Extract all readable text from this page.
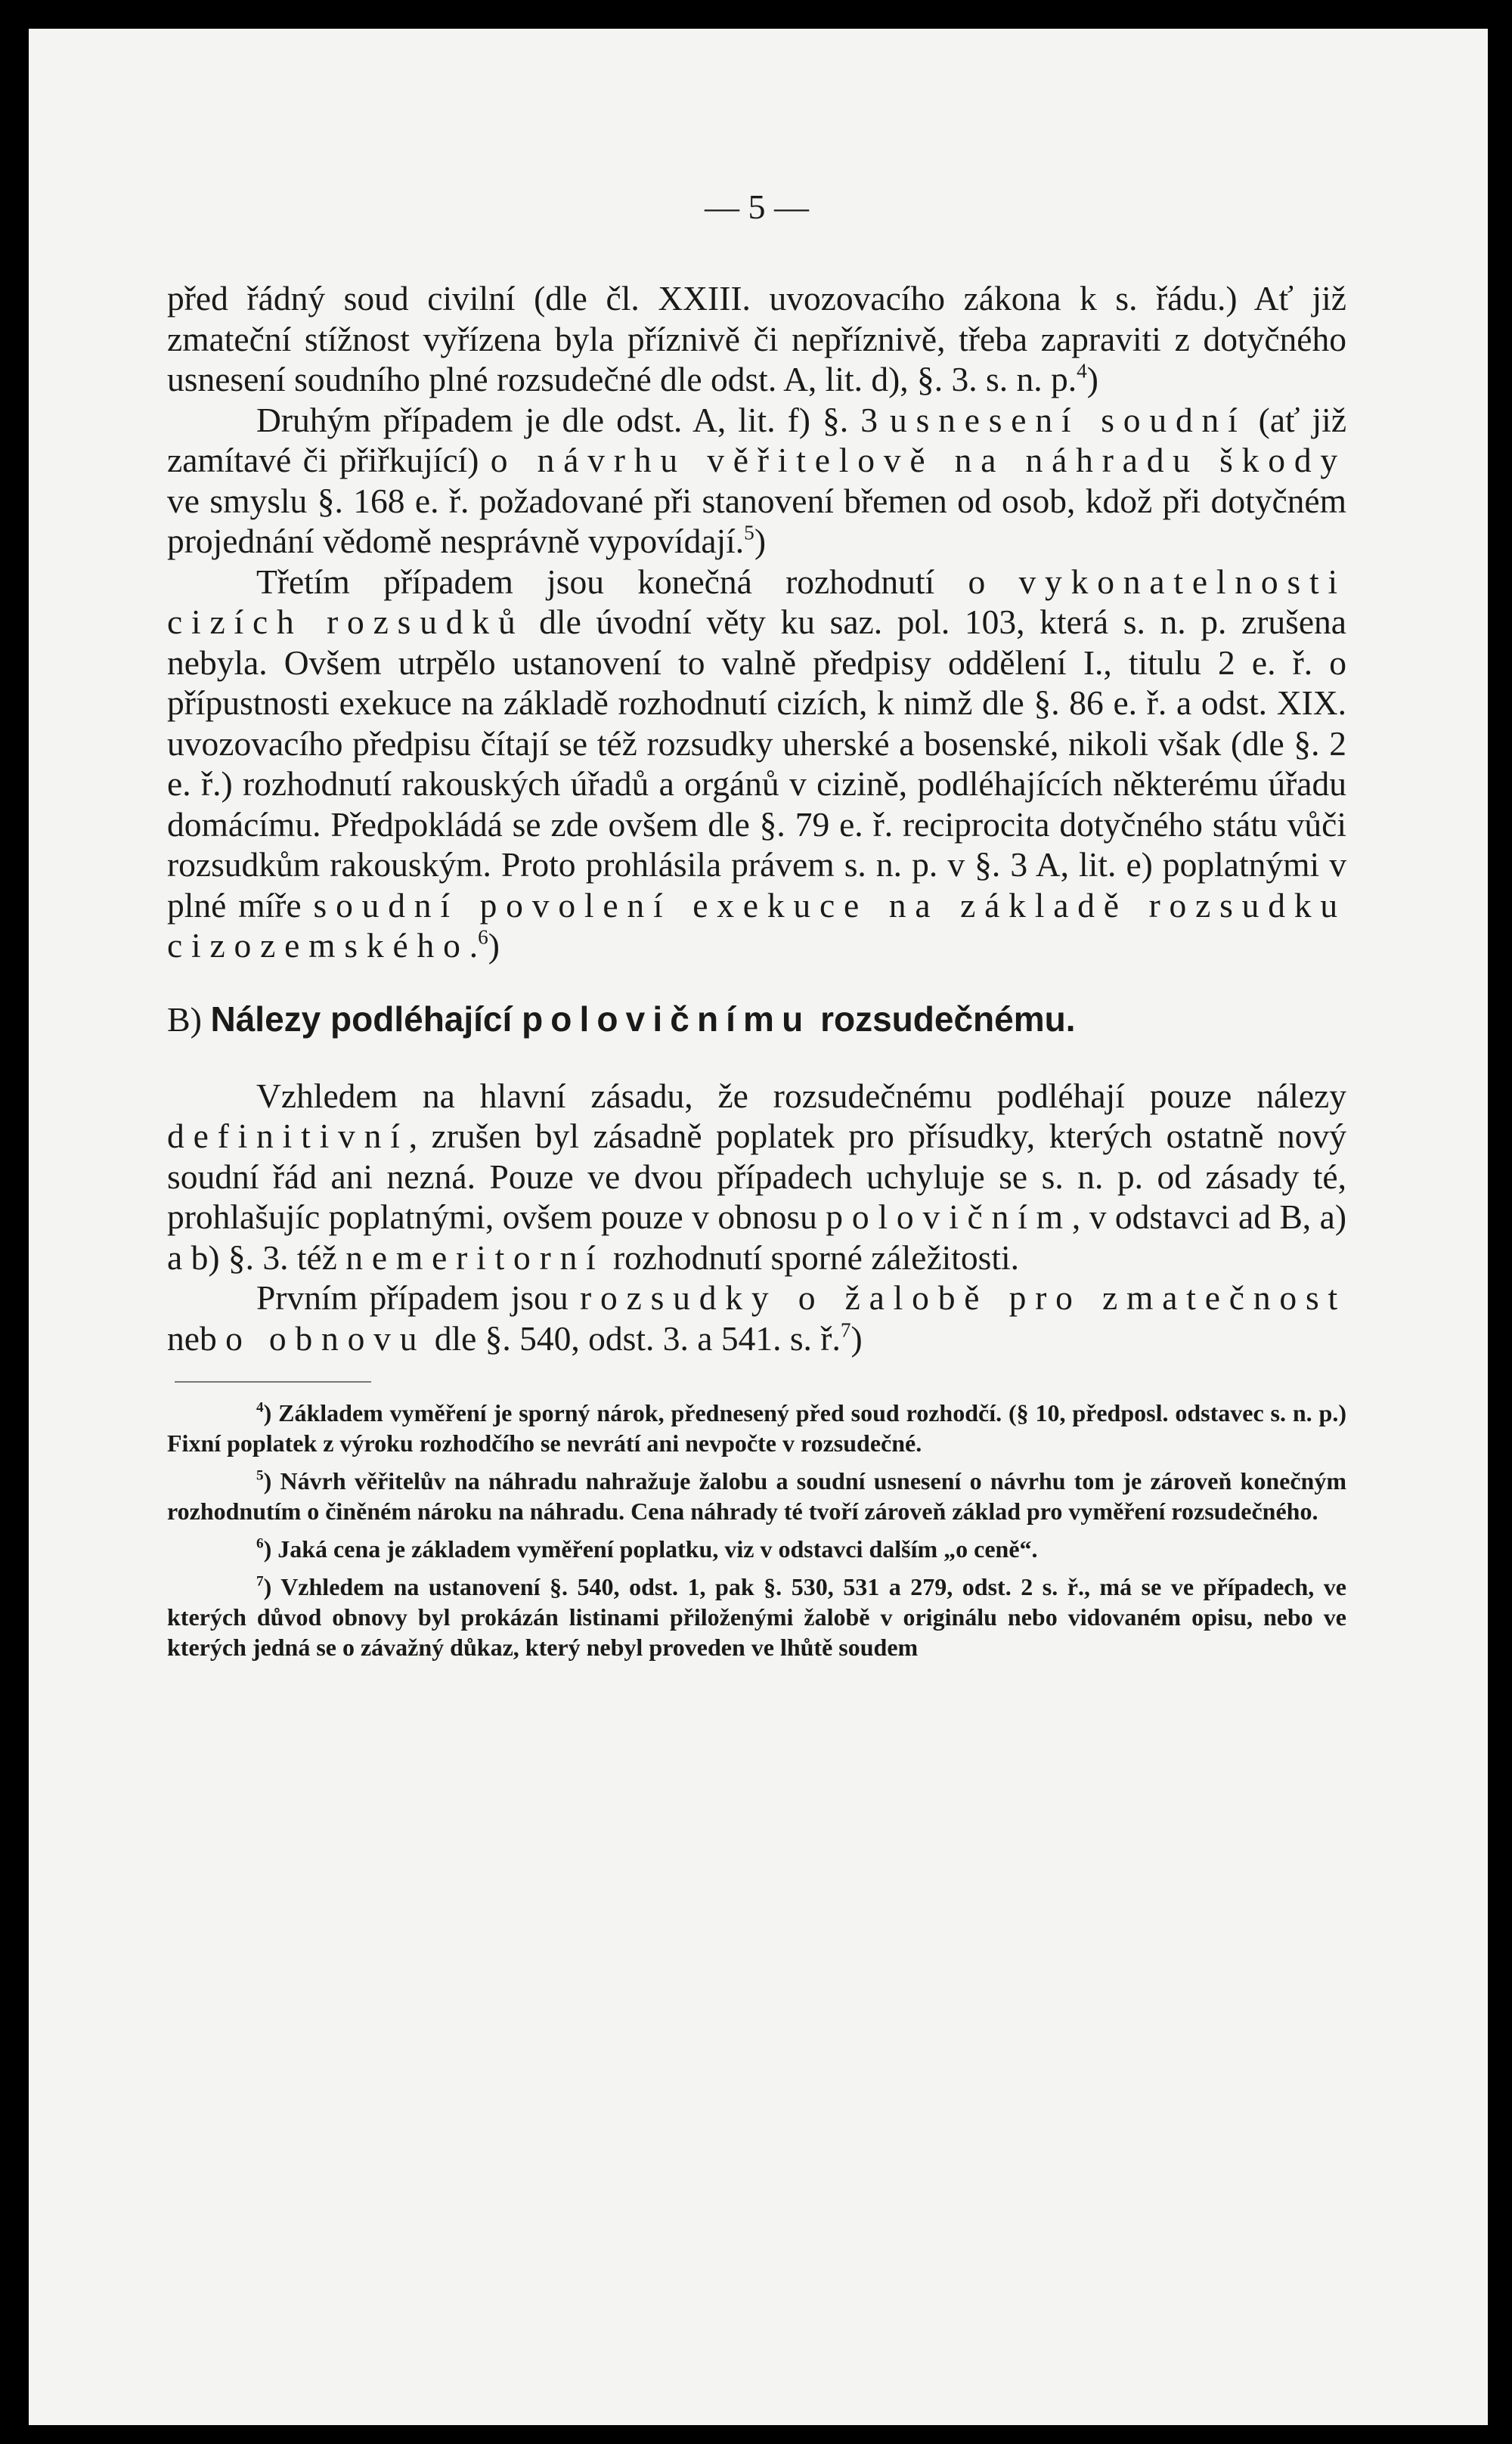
— 5 —

před řádný soud civilní (dle čl. XXIII. uvozovacího zákona k s. řádu.) Ať již zmateční stížnost vyřízena byla příznivě či nepříznivě, třeba zapraviti z dotyčného usnesení soudního plné rozsudečné dle odst. A, lit. d), §. 3. s. n. p.$^4$)

Druhým případem je dle odst. A, lit. f) §. 3 usnesení soudní (ať již zamítavé či přiřkující) o návrhu věřitelově na náhradu škody ve smyslu §. 168 e. ř. požadované při stanovení břemen od osob, kdož při dotyčném projednání vědomě nesprávně vypovídají.$^5$)

Třetím případem jsou konečná rozhodnutí o vykonatelnosti cizích rozsudků dle úvodní věty ku saz. pol. 103, která s. n. p. zrušena nebyla. Ovšem utrpělo ustanovení to valně předpisy oddělení I., titulu 2 e. ř. o přípustnosti exekuce na základě rozhodnutí cizích, k nimž dle §. 86 e. ř. a odst. XIX. uvozovacího předpisu čítají se též rozsudky uherské a bosenské, nikoli však (dle §. 2 e. ř.) rozhodnutí rakouských úřadů a orgánů v cizině, podléhajících některému úřadu domácímu. Předpokládá se zde ovšem dle §. 79 e. ř. reciprocita dotyčného státu vůči rozsudkům rakouským. Proto prohlásila právem s. n. p. v §. 3 A, lit. e) poplatnými v plné míře soudní povolení exekuce na základě rozsudku cizozemského.$^6$)

B) Nálezy podléhající polovičnímu rozsudečnému.

Vzhledem na hlavní zásadu, že rozsudečnému podléhají pouze nálezy definitivní, zrušen byl zásadně poplatek pro přísudky, kterých ostatně nový soudní řád ani nezná. Pouze ve dvou případech uchyluje se s. n. p. od zásady té, prohlašujíc poplatnými, ovšem pouze v obnosu polovičním, v odstavci ad B, a) a b) §. 3. též nemeritorní rozhodnutí sporné záležitosti.

Prvním případem jsou rozsudky o žalobě pro zmatečnost neb o obnovu dle §. 540, odst. 3. a 541. s. ř.$^7$)

$^4$) Základem vyměření je sporný nárok, přednesený před soud rozhodčí. (§ 10, předposl. odstavec s. n. p.) Fixní poplatek z výroku rozhodčího se nevrátí ani nevpočte v rozsudečné.

$^5$) Návrh věřitelův na náhradu nahražuje žalobu a soudní usnesení o návrhu tom je zároveň konečným rozhodnutím o činěném nároku na náhradu. Cena náhrady té tvoří zároveň základ pro vyměření rozsudečného.

$^6$) Jaká cena je základem vyměření poplatku, viz v odstavci dalším „o ceně“.

$^7$) Vzhledem na ustanovení §. 540, odst. 1, pak §. 530, 531 a 279, odst. 2 s. ř., má se ve případech, ve kterých důvod obnovy byl prokázán listinami přiloženými žalobě v originálu nebo vidovaném opisu, nebo ve kterých jedná se o závažný důkaz, který nebyl proveden ve lhůtě soudem
